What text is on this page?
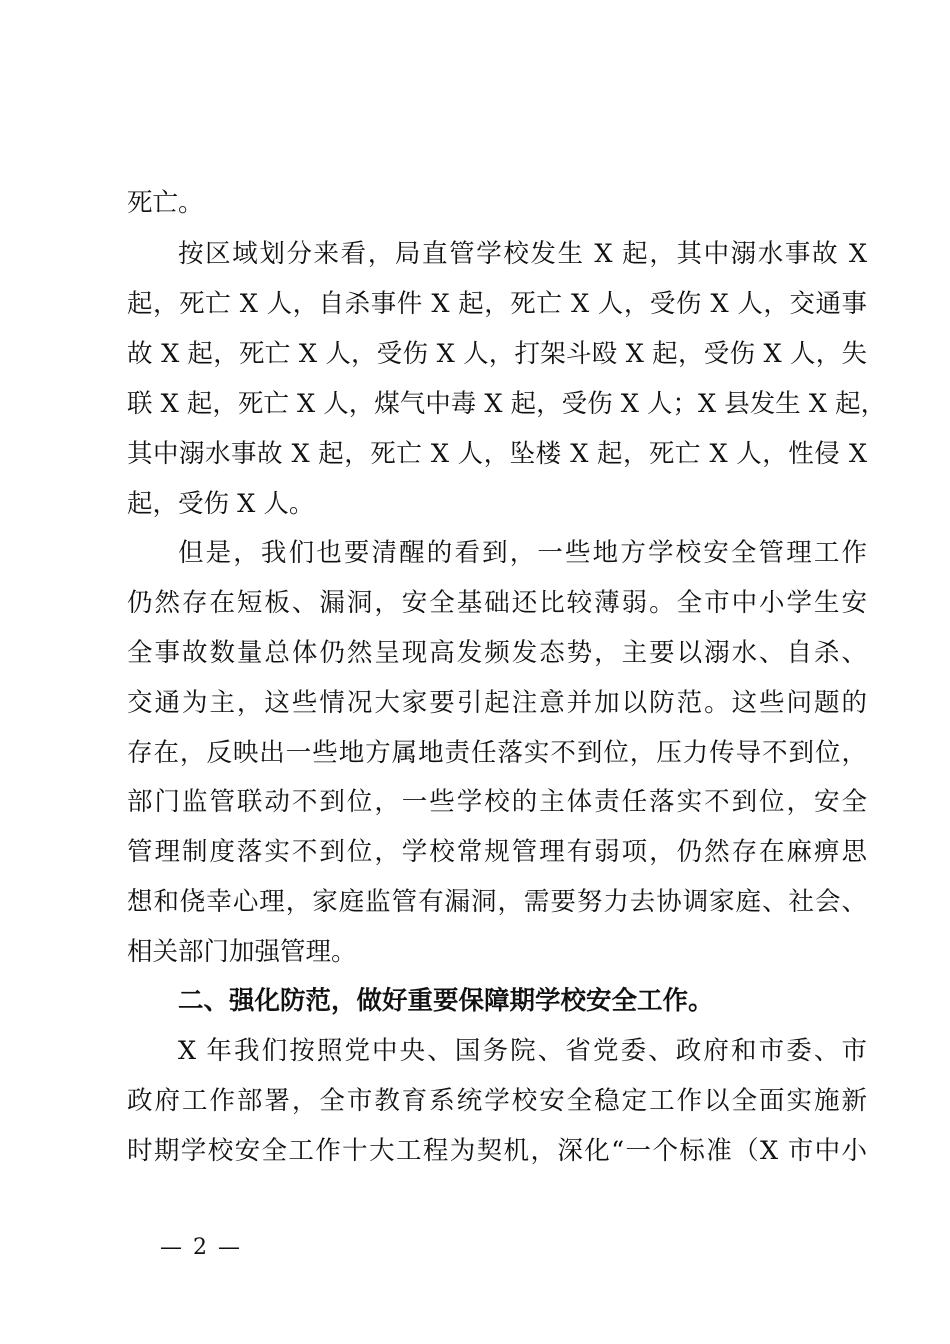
死亡。
按区域划分来看，局直管学校发生 X 起，其中溺水事故 X
起，死亡 X 人，自杀事件 X 起，死亡 X 人，受伤 X 人，交通事
故 X 起，死亡 X 人，受伤 X 人，打架斗殴 X 起，受伤 X 人，失
联 X 起，死亡 X 人，煤气中毒 X 起，受伤 X 人；X 县发生 X 起，
其中溺水事故 X 起，死亡 X 人，坠楼 X 起，死亡 X 人，性侵 X
起，受伤 X 人。
但是，我们也要清醒的看到，一些地方学校安全管理工作
仍然存在短板、漏洞，安全基础还比较薄弱。全市中小学生安
全事故数量总体仍然呈现高发频发态势，主要以溺水、自杀、
交通为主，这些情况大家要引起注意并加以防范。这些问题的
存在，反映出一些地方属地责任落实不到位，压力传导不到位，
部门监管联动不到位，一些学校的主体责任落实不到位，安全
管理制度落实不到位，学校常规管理有弱项，仍然存在麻痹思
想和侥幸心理，家庭监管有漏洞，需要努力去协调家庭、社会、
相关部门加强管理。
二、强化防范，做好重要保障期学校安全工作。
X 年我们按照党中央、国务院、省党委、政府和市委、市
政府工作部署，全市教育系统学校安全稳定工作以全面实施新
时期学校安全工作十大工程为契机，深化“一个标准（X 市中小
— 2 —
